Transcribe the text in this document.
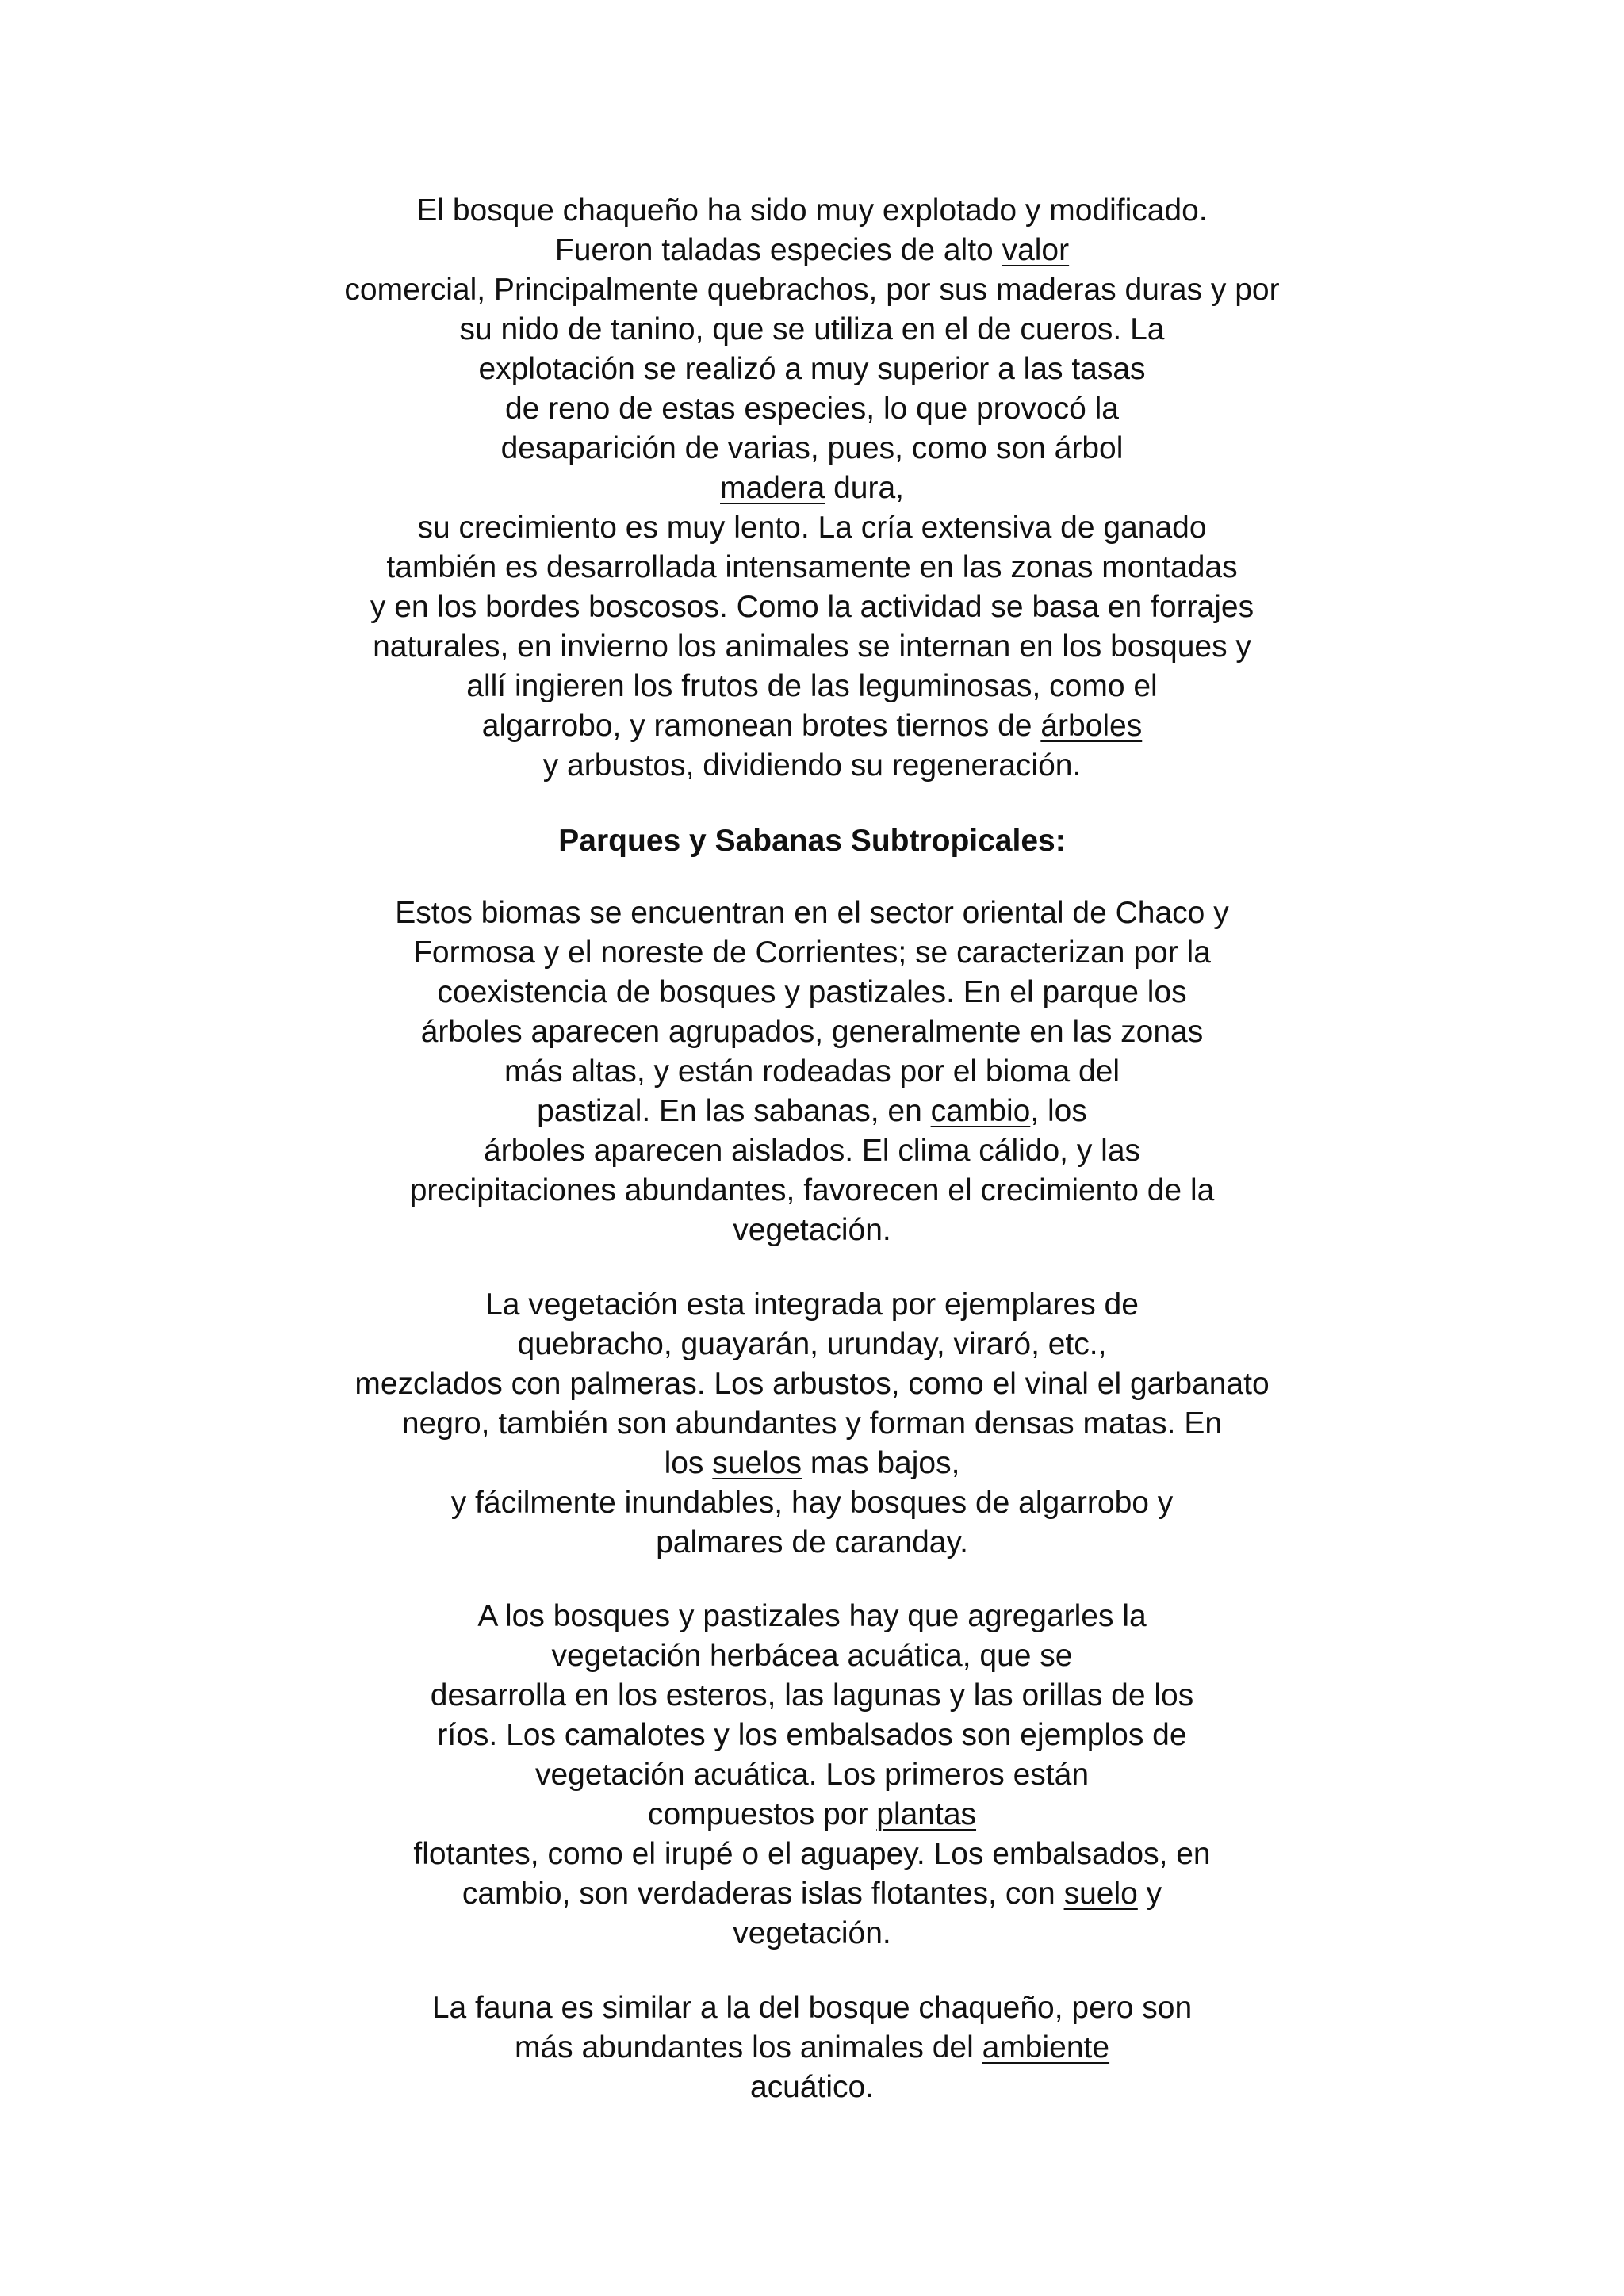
El bosque chaqueño ha sido muy explotado y modificado.
Fueron taladas especies de alto valor
comercial, Principalmente quebrachos, por sus maderas duras y por
su nido de tanino, que se utiliza en el de cueros. La
explotación se realizó a muy superior a las tasas
de reno de estas especies, lo que provocó la
desaparición de varias, pues, como son árbol
madera dura,
su crecimiento es muy lento. La cría extensiva de ganado
también es desarrollada intensamente en las zonas montadas
y en los bordes boscosos. Como la actividad se basa en forrajes
naturales, en invierno los animales se internan en los bosques y
allí ingieren los frutos de las leguminosas, como el
algarrobo, y ramonean brotes tiernos de árboles
y arbustos, dividiendo su regeneración.
Parques y Sabanas Subtropicales:
Estos biomas se encuentran en el sector oriental de Chaco y
Formosa y el noreste de Corrientes; se caracterizan por la
coexistencia de bosques y pastizales. En el parque los
árboles aparecen agrupados, generalmente en las zonas
más altas, y están rodeadas por el bioma del
pastizal. En las sabanas, en cambio, los
árboles aparecen aislados. El clima cálido, y las
precipitaciones abundantes, favorecen el crecimiento de la
vegetación.
La vegetación esta integrada por ejemplares de
quebracho, guayarán, urunday, viraró, etc.,
mezclados con palmeras. Los arbustos, como el vinal el garbanato
negro, también son abundantes y forman densas matas. En
los suelos mas bajos,
y fácilmente inundables, hay bosques de algarrobo y
palmares de caranday.
A los bosques y pastizales hay que agregarles la
vegetación herbácea acuática, que se
desarrolla en los esteros, las lagunas y las orillas de los
ríos. Los camalotes y los embalsados son ejemplos de
vegetación acuática. Los primeros están
compuestos por plantas
flotantes, como el irupé o el aguapey. Los embalsados, en
cambio, son verdaderas islas flotantes, con suelo y
vegetación.
La fauna es similar a la del bosque chaqueño, pero son
más abundantes los animales del ambiente
acuático.
